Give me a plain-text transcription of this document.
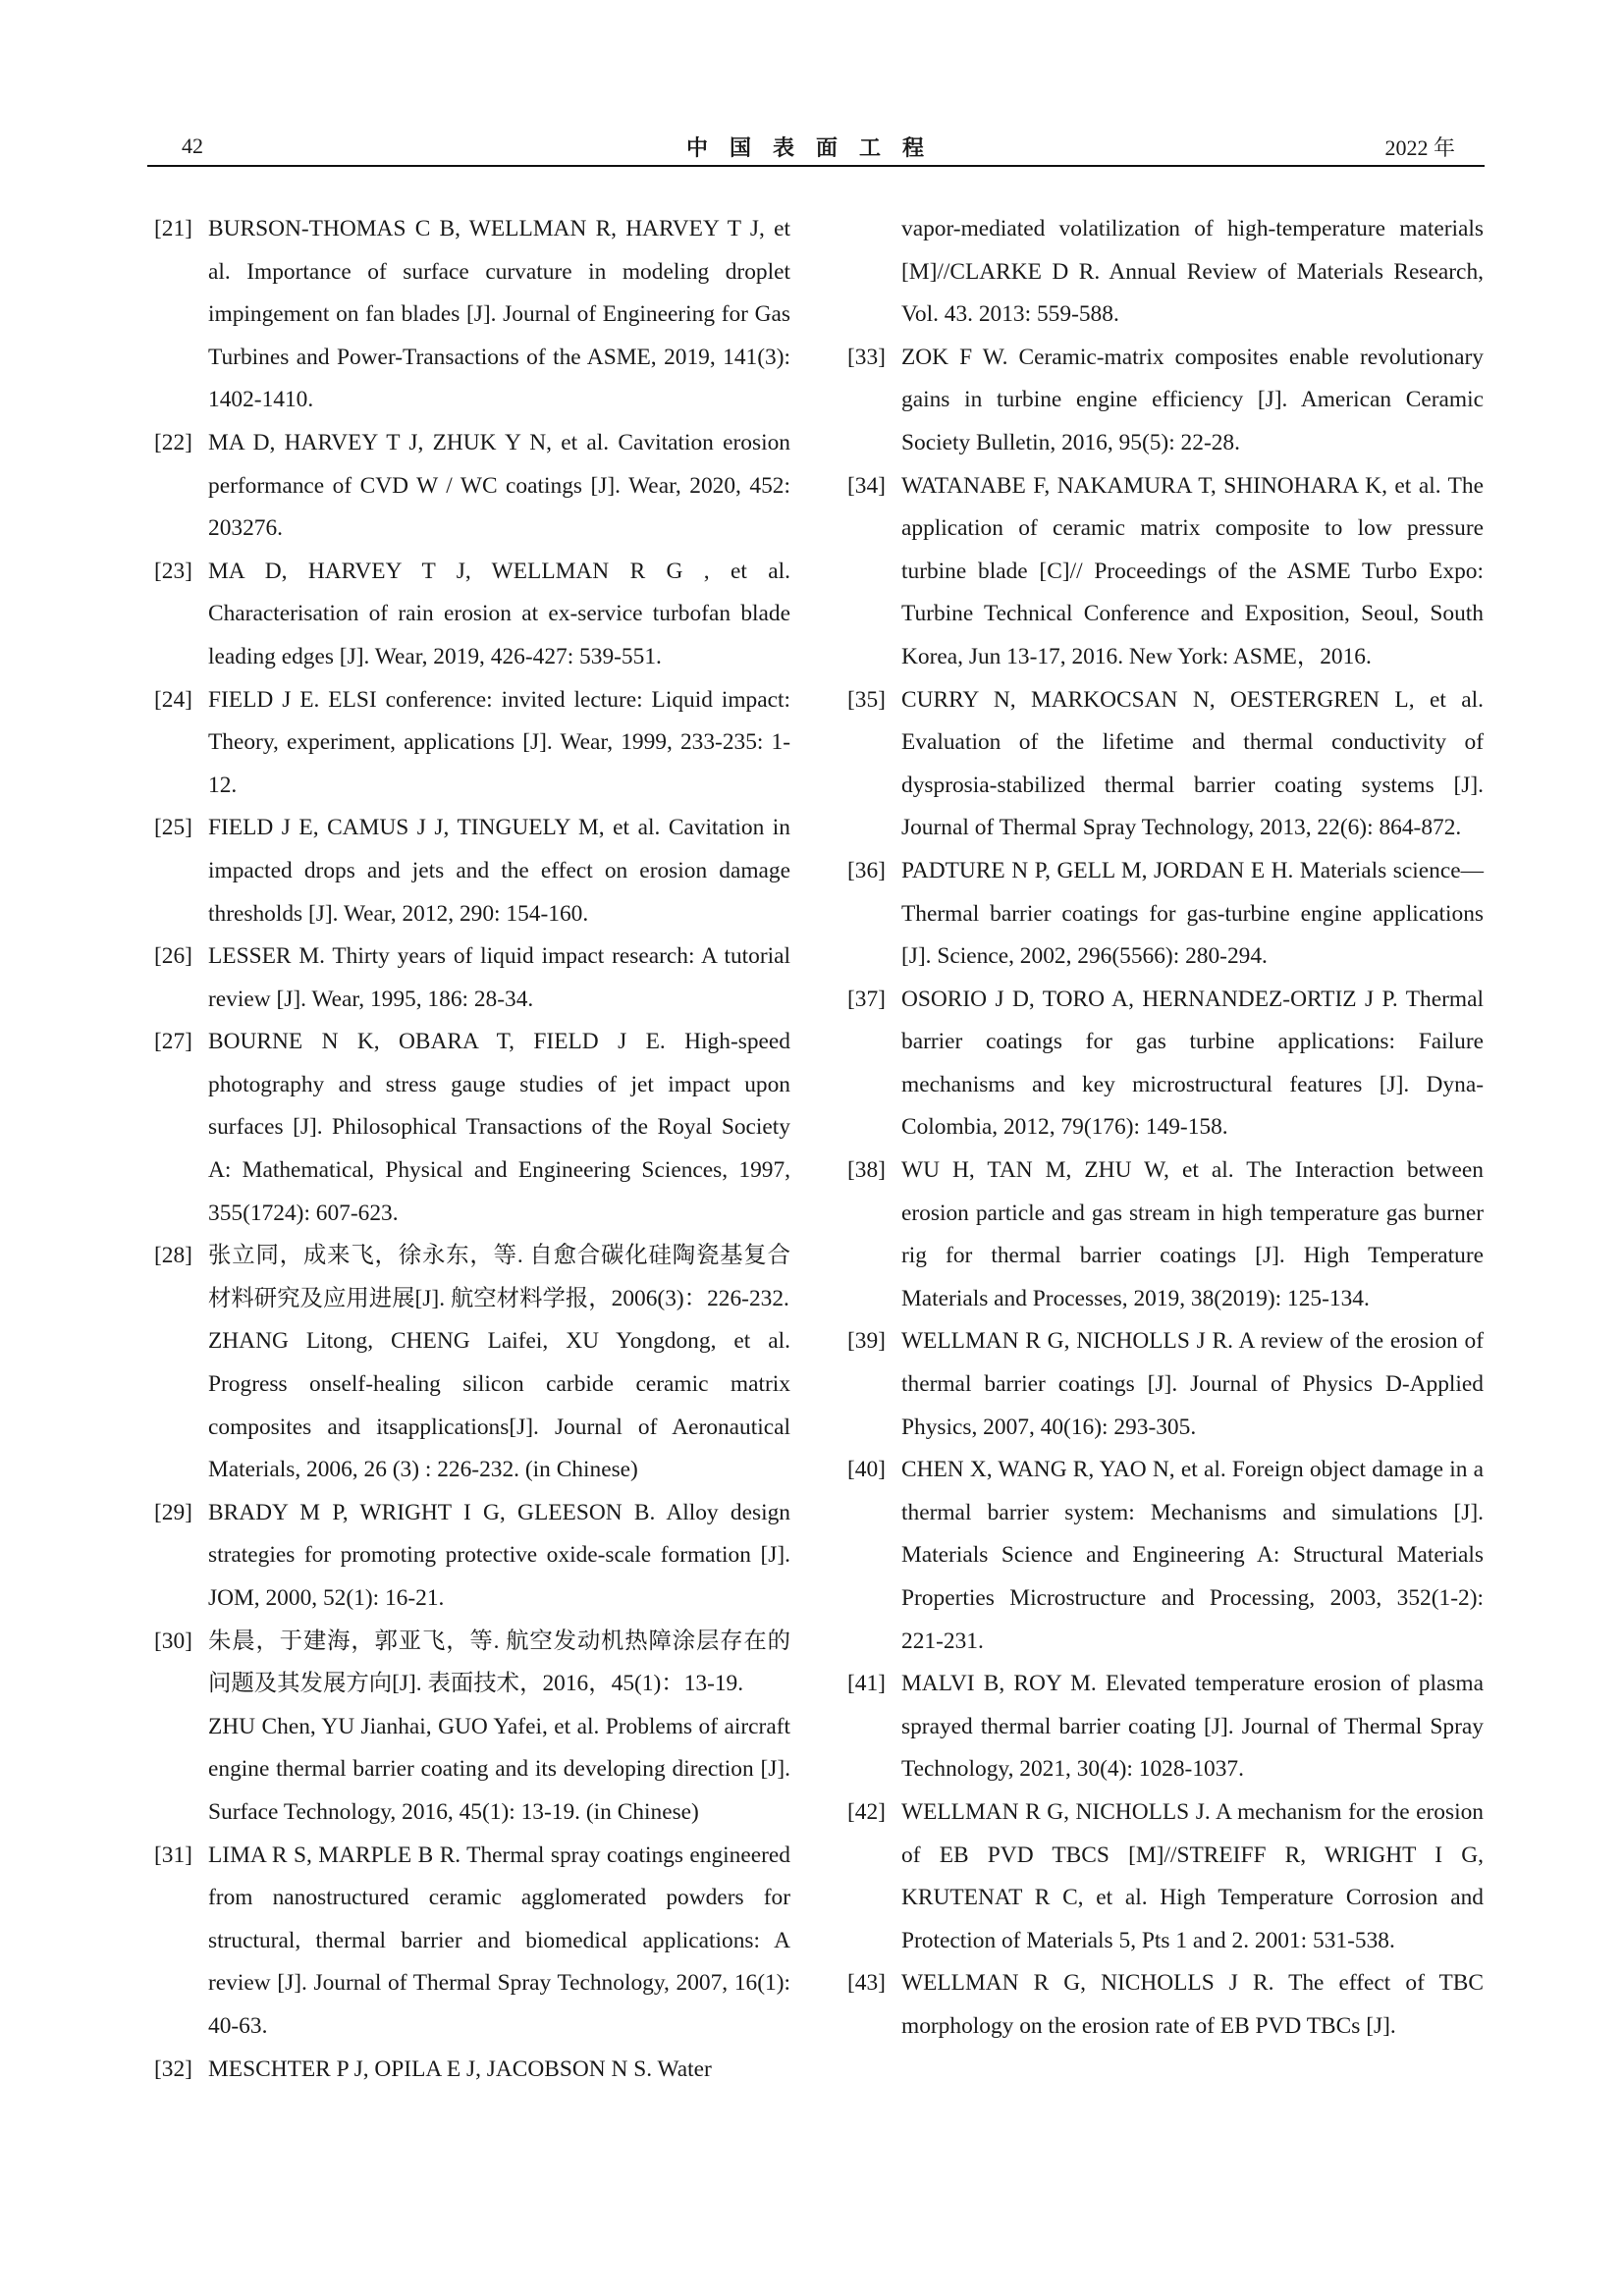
42	中国表面工程	2022 年
[21] BURSON-THOMAS C B, WELLMAN R, HARVEY T J, et al. Importance of surface curvature in modeling droplet impingement on fan blades [J]. Journal of Engineering for Gas Turbines and Power-Transactions of the ASME, 2019, 141(3): 1402-1410.
[22] MA D, HARVEY T J, ZHUK Y N, et al. Cavitation erosion performance of CVD W / WC coatings [J]. Wear, 2020, 452: 203276.
[23] MA D, HARVEY T J, WELLMAN R G , et al. Characterisation of rain erosion at ex-service turbofan blade leading edges [J]. Wear, 2019, 426-427: 539-551.
[24] FIELD J E. ELSI conference: invited lecture: Liquid impact: Theory, experiment, applications [J]. Wear, 1999, 233-235: 1-12.
[25] FIELD J E, CAMUS J J, TINGUELY M, et al. Cavitation in impacted drops and jets and the effect on erosion damage thresholds [J]. Wear, 2012, 290: 154-160.
[26] LESSER M. Thirty years of liquid impact research: A tutorial review [J]. Wear, 1995, 186: 28-34.
[27] BOURNE N K, OBARA T, FIELD J E. High-speed photography and stress gauge studies of jet impact upon surfaces [J]. Philosophical Transactions of the Royal Society A: Mathematical, Physical and Engineering Sciences, 1997, 355(1724): 607-623.
[28] 张立同，成来飞，徐永东，等. 自愈合碳化硅陶瓷基复合材料研究及应用进展[J]. 航空材料学报，2006(3)：226-232.
ZHANG Litong, CHENG Laifei, XU Yongdong, et al. Progress onself-healing silicon carbide ceramic matrix composites and itsapplications[J]. Journal of Aeronautical Materials, 2006, 26 (3) : 226-232. (in Chinese)
[29] BRADY M P, WRIGHT I G, GLEESON B. Alloy design strategies for promoting protective oxide-scale formation [J]. JOM, 2000, 52(1): 16-21.
[30] 朱晨，于建海，郭亚飞，等. 航空发动机热障涂层存在的问题及其发展方向[J]. 表面技术，2016，45(1)：13-19.
ZHU Chen, YU Jianhai, GUO Yafei, et al. Problems of aircraft engine thermal barrier coating and its developing direction [J]. Surface Technology, 2016, 45(1): 13-19. (in Chinese)
[31] LIMA R S, MARPLE B R. Thermal spray coatings engineered from nanostructured ceramic agglomerated powders for structural, thermal barrier and biomedical applications: A review [J]. Journal of Thermal Spray Technology, 2007, 16(1): 40-63.
[32] MESCHTER P J, OPILA E J, JACOBSON N S. Water
vapor-mediated volatilization of high-temperature materials [M]//CLARKE D R. Annual Review of Materials Research, Vol. 43. 2013: 559-588.
[33] ZOK F W. Ceramic-matrix composites enable revolutionary gains in turbine engine efficiency [J]. American Ceramic Society Bulletin, 2016, 95(5): 22-28.
[34] WATANABE F, NAKAMURA T, SHINOHARA K, et al. The application of ceramic matrix composite to low pressure turbine blade [C]// Proceedings of the ASME Turbo Expo: Turbine Technical Conference and Exposition, Seoul, South Korea, Jun 13-17, 2016. New York: ASME，2016.
[35] CURRY N, MARKOCSAN N, OESTERGREN L, et al. Evaluation of the lifetime and thermal conductivity of dysprosia-stabilized thermal barrier coating systems [J]. Journal of Thermal Spray Technology, 2013, 22(6): 864-872.
[36] PADTURE N P, GELL M, JORDAN E H. Materials science—Thermal barrier coatings for gas-turbine engine applications [J]. Science, 2002, 296(5566): 280-294.
[37] OSORIO J D, TORO A, HERNANDEZ-ORTIZ J P. Thermal barrier coatings for gas turbine applications: Failure mechanisms and key microstructural features [J]. Dyna-Colombia, 2012, 79(176): 149-158.
[38] WU H, TAN M, ZHU W, et al. The Interaction between erosion particle and gas stream in high temperature gas burner rig for thermal barrier coatings [J]. High Temperature Materials and Processes, 2019, 38(2019): 125-134.
[39] WELLMAN R G, NICHOLLS J R. A review of the erosion of thermal barrier coatings [J]. Journal of Physics D-Applied Physics, 2007, 40(16): 293-305.
[40] CHEN X, WANG R, YAO N, et al. Foreign object damage in a thermal barrier system: Mechanisms and simulations [J]. Materials Science and Engineering A: Structural Materials Properties Microstructure and Processing, 2003, 352(1-2): 221-231.
[41] MALVI B, ROY M. Elevated temperature erosion of plasma sprayed thermal barrier coating [J]. Journal of Thermal Spray Technology, 2021, 30(4): 1028-1037.
[42] WELLMAN R G, NICHOLLS J. A mechanism for the erosion of EB PVD TBCS [M]//STREIFF R, WRIGHT I G, KRUTENAT R C, et al. High Temperature Corrosion and Protection of Materials 5, Pts 1 and 2. 2001: 531-538.
[43] WELLMAN R G, NICHOLLS J R. The effect of TBC morphology on the erosion rate of EB PVD TBCs [J].
